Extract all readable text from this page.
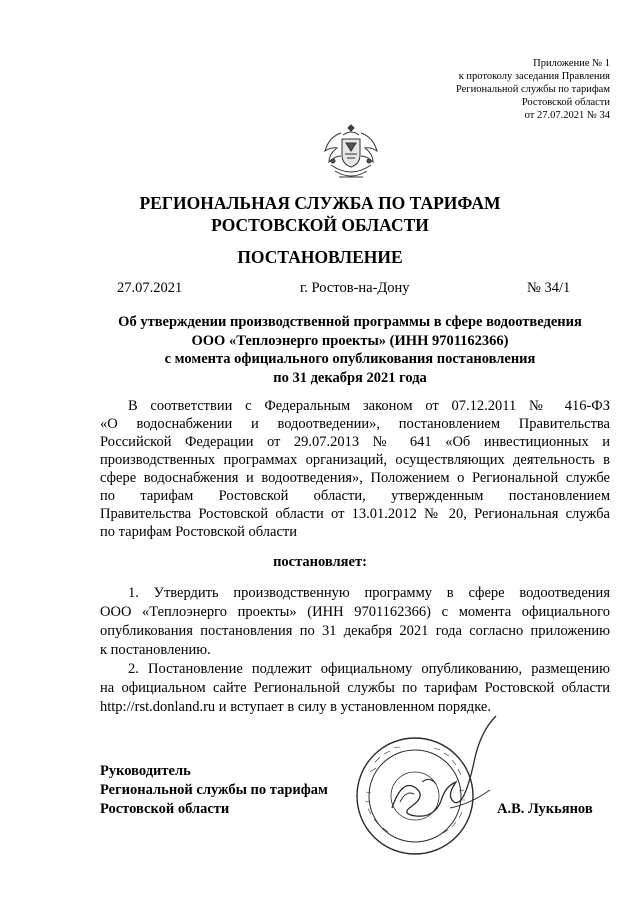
Приложение № 1
к протоколу заседания Правления
Региональной службы по тарифам
Ростовской области
от 27.07.2021 № 34
РЕГИОНАЛЬНАЯ СЛУЖБА ПО ТАРИФАМ
РОСТОВСКОЙ ОБЛАСТИ
ПОСТАНОВЛЕНИЕ
27.07.2021	г. Ростов-на-Дону	№ 34/1
Об утверждении производственной программы в сфере водоотведения
ООО «Теплоэнерго проекты» (ИНН 9701162366)
с момента официального опубликования постановления
по 31 декабря 2021 года
В соответствии с Федеральным законом от 07.12.2011 № 416-ФЗ
«О водоснабжении и водоотведении», постановлением Правительства
Российской Федерации от 29.07.2013 № 641 «Об инвестиционных и
производственных программах организаций, осуществляющих деятельность в
сфере водоснабжения и водоотведения», Положением о Региональной службе
по тарифам Ростовской области, утвержденным постановлением
Правительства Ростовской области от 13.01.2012 № 20, Региональная служба
по тарифам Ростовской области
постановляет:
1. Утвердить производственную программу в сфере водоотведения
ООО «Теплоэнерго проекты» (ИНН 9701162366) с момента официального
опубликования постановления по 31 декабря 2021 года согласно приложению
к постановлению.
2. Постановление подлежит официальному опубликованию, размещению
на официальном сайте Региональной службы по тарифам Ростовской области
http://rst.donland.ru и вступает в силу в установленном порядке.
Руководитель
Региональной службы по тарифам
Ростовской области	А.В. Лукьянов
